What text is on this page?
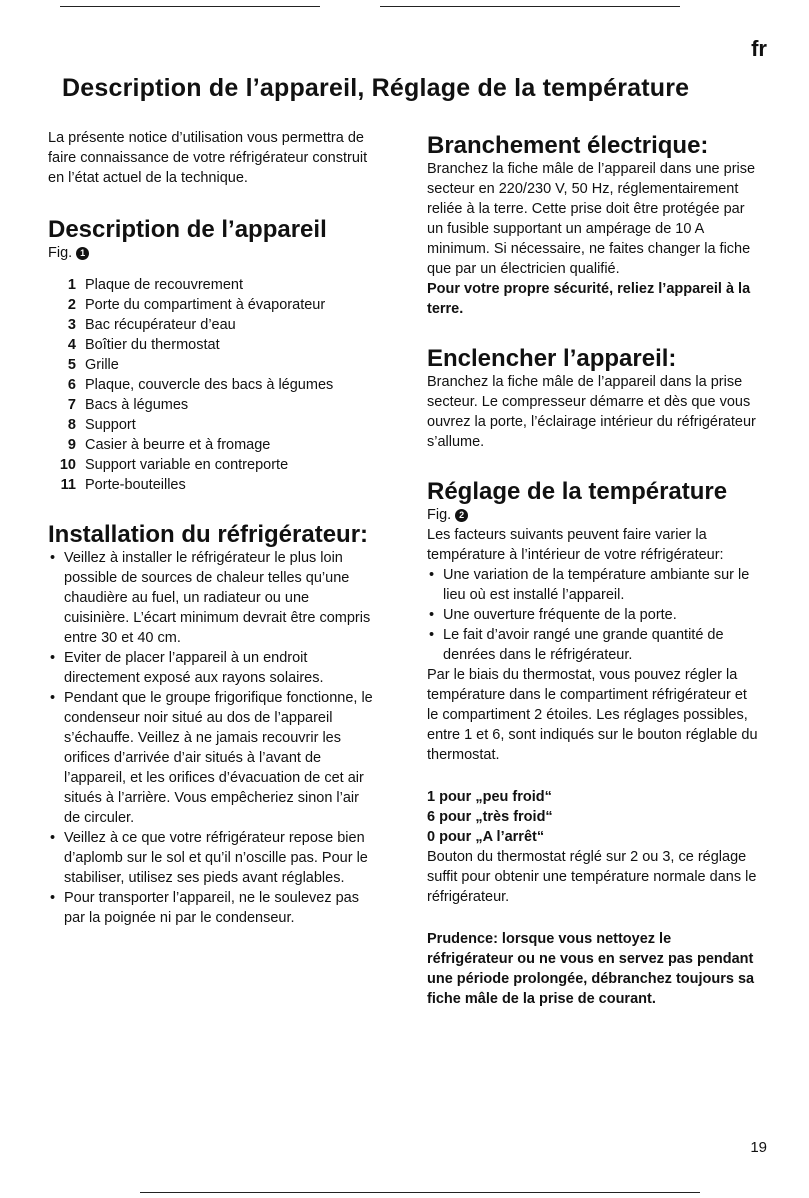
fr
Description de l’appareil, Réglage de la température

La présente notice d’utilisation vous permettra de faire connaissance de votre réfrigérateur construit en l’état actuel de la technique.

Description de l’appareil
Fig. 1
1 Plaque de recouvrement
2 Porte du compartiment à évaporateur
3 Bac récupérateur d’eau
4 Boîtier du thermostat
5 Grille
6 Plaque, couvercle des bacs à légumes
7 Bacs à légumes
8 Support
9 Casier à beurre et à fromage
10 Support variable en contreporte
11 Porte-bouteilles
Installation du réfrigérateur:
• Veillez à installer le réfrigérateur le plus loin possible de sources de chaleur telles qu’une chaudière au fuel, un radiateur ou une cuisinière. L’écart minimum devrait être compris entre 30 et 40 cm.
• Eviter de placer l’appareil à un endroit directement exposé aux rayons solaires.
• Pendant que le groupe frigorifique fonctionne, le condenseur noir situé au dos de l’appareil s’échauffe. Veillez à ne jamais recouvrir les orifices d’arrivée d’air situés à l’avant de l’appareil, et les orifices d’évacuation de cet air situés à l’arrière. Vous empêcheriez sinon l’air de circuler.
• Veillez à ce que votre réfrigérateur repose bien d’aplomb sur le sol et qu’il n’oscille pas. Pour le stabiliser, utilisez ses pieds avant réglables.
• Pour transporter l’appareil, ne le soulevez pas par la poignée ni par le condenseur.
Branchement électrique:

Branchez la fiche mâle de l’appareil dans une prise secteur en 220/230 V, 50 Hz, réglementairement reliée à la terre. Cette prise doit être protégée par un fusible supportant un ampérage de 10 A minimum. Si nécessaire, ne faites changer la fiche que par un électricien qualifié.

Pour votre propre sécurité, reliez l’appareil à la terre.

Enclencher l’appareil:

Branchez la fiche mâle de l’appareil dans la prise secteur. Le compresseur démarre et dès que vous ouvrez la porte, l’éclairage intérieur du réfrigérateur s’allume.

Réglage de la température
Fig. 2

Les facteurs suivants peuvent faire varier la température à l’intérieur de votre réfrigérateur:

• Une variation de la température ambiante sur le lieu où est installé l’appareil.
• Une ouverture fréquente de la porte.
• Le fait d’avoir rangé une grande quantité de denrées dans le réfrigérateur.

Par le biais du thermostat, vous pouvez régler la température dans le compartiment réfrigérateur et le compartiment 2 étoiles. Les réglages possibles, entre 1 et 6, sont indiqués sur le bouton réglable du thermostat.

1 pour „peu froid“

6 pour „très froid“

0 pour „A l’arrêt“

Bouton du thermostat réglé sur 2 ou 3, ce réglage suffit pour obtenir une température normale dans le réfrigérateur.

Prudence: lorsque vous nettoyez le réfrigérateur ou ne vous en servez pas pendant une période prolongée, débranchez toujours sa fiche mâle de la prise de courant.

19
